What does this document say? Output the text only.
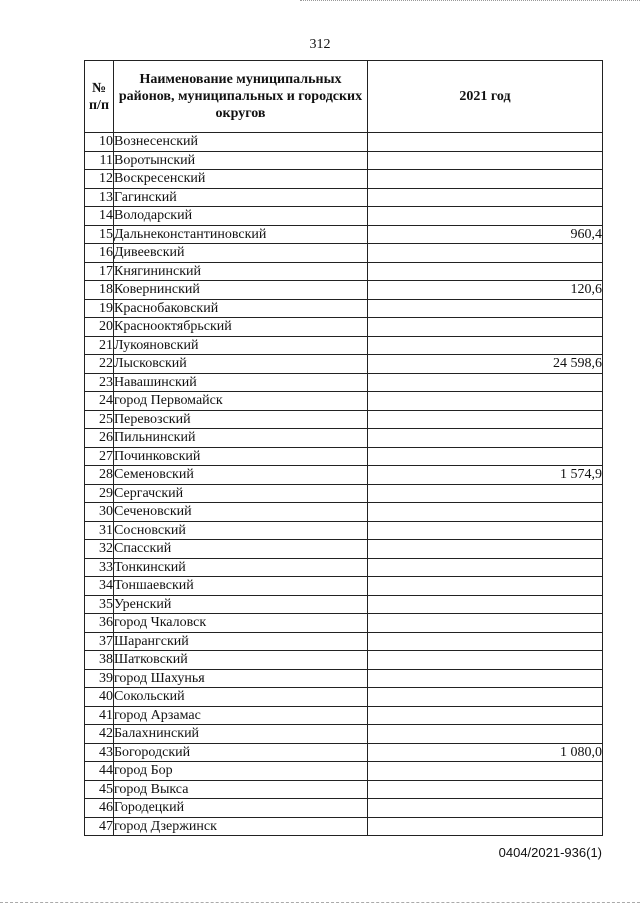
312
№ п/п	Наименование муниципальных районов, муниципальных и городских округов	2021 год
10	Вознесенский	
11	Воротынский	
12	Воскресенский	
13	Гагинский	
14	Володарский	
15	Дальнеконстантиновский	960,4
16	Дивеевский	
17	Княгининский	
18	Ковернинский	120,6
19	Краснобаковский	
20	Краснооктябрьский	
21	Лукояновский	
22	Лысковский	24 598,6
23	Навашинский	
24	город Первомайск	
25	Перевозский	
26	Пильнинский	
27	Починковский	
28	Семеновский	1 574,9
29	Сергачский	
30	Сеченовский	
31	Сосновский	
32	Спасский	
33	Тонкинский	
34	Тоншаевский	
35	Уренский	
36	город Чкаловск	
37	Шарангский	
38	Шатковский	
39	город Шахунья	
40	Сокольский	
41	город Арзамас	
42	Балахнинский	
43	Богородский	1 080,0
44	город Бор	
45	город Выкса	
46	Городецкий	
47	город Дзержинск	
0404/2021-936(1)
